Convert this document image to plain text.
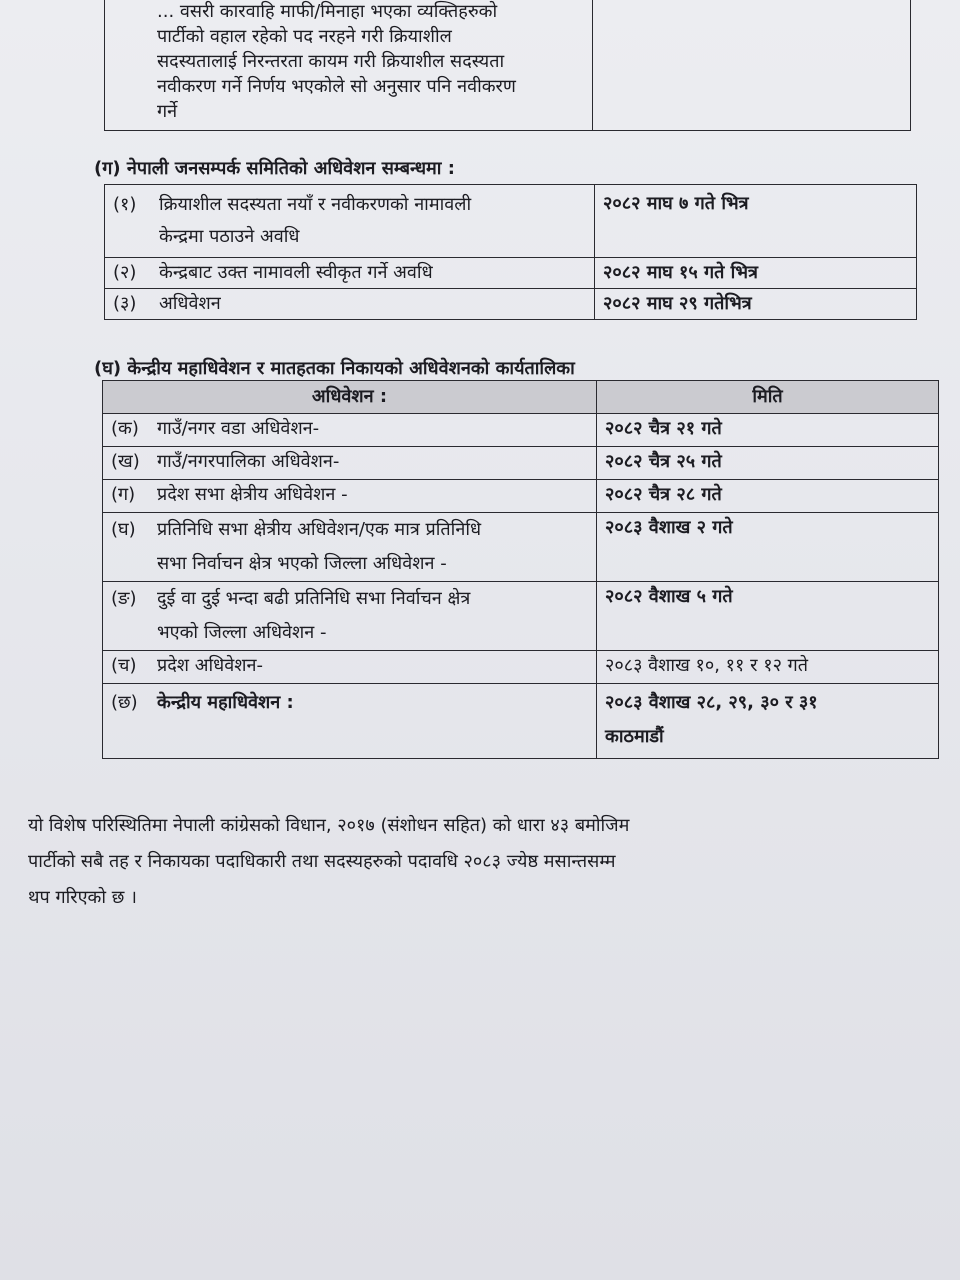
... वसरी कारवाहि माफी/मिनाहा भएका व्यक्तिहरुको
पार्टीको वहाल रहेको पद नरहने गरी क्रियाशील
सदस्यतालाई निरन्तरता कायम गरी क्रियाशील सदस्यता
नवीकरण गर्ने निर्णय भएकोले सो अनुसार पनि नवीकरण
गर्ने

(ग) नेपाली जनसम्पर्क समितिको अधिवेशन सम्बन्धमा :
(१) क्रियाशील सदस्यता नयाँ र नवीकरणको नामावली
केन्द्रमा पठाउने अवधि	२०८२ माघ ७ गते भित्र
(२) केन्द्रबाट उक्त नामावली स्वीकृत गर्ने अवधि	२०८२ माघ १५ गते भित्र
(३) अधिवेशन	२०८२ माघ २९ गतेभित्र
(घ) केन्द्रीय महाधिवेशन र मातहतका निकायको अधिवेशनको कार्यतालिका
अधिवेशन :	मिति
(क) गाउँ/नगर वडा अधिवेशन-	२०८२ चैत्र २१ गते
(ख) गाउँ/नगरपालिका अधिवेशन-	२०८२ चैत्र २५ गते
(ग) प्रदेश सभा क्षेत्रीय अधिवेशन -	२०८२ चैत्र २८ गते
(घ) प्रतिनिधि सभा क्षेत्रीय अधिवेशन/एक मात्र प्रतिनिधि
सभा निर्वाचन क्षेत्र भएको जिल्ला अधिवेशन -	२०८३ वैशाख २ गते
(ङ) दुई वा दुई भन्दा बढी प्रतिनिधि सभा निर्वाचन क्षेत्र
भएको जिल्ला अधिवेशन -	२०८२ वैशाख ५ गते
(च) प्रदेश अधिवेशन-	२०८३ वैशाख १०, ११ र १२ गते
(छ) केन्द्रीय महाधिवेशन :	२०८३ वैशाख २८, २९, ३० र ३१
काठमाडौं
यो विशेष परिस्थितिमा नेपाली कांग्रेसको विधान, २०१७ (संशोधन सहित) को धारा ४३ बमोजिम
पार्टीको सबै तह र निकायका पदाधिकारी तथा सदस्यहरुको पदावधि २०८३ ज्येष्ठ मसान्तसम्म
थप गरिएको छ ।
